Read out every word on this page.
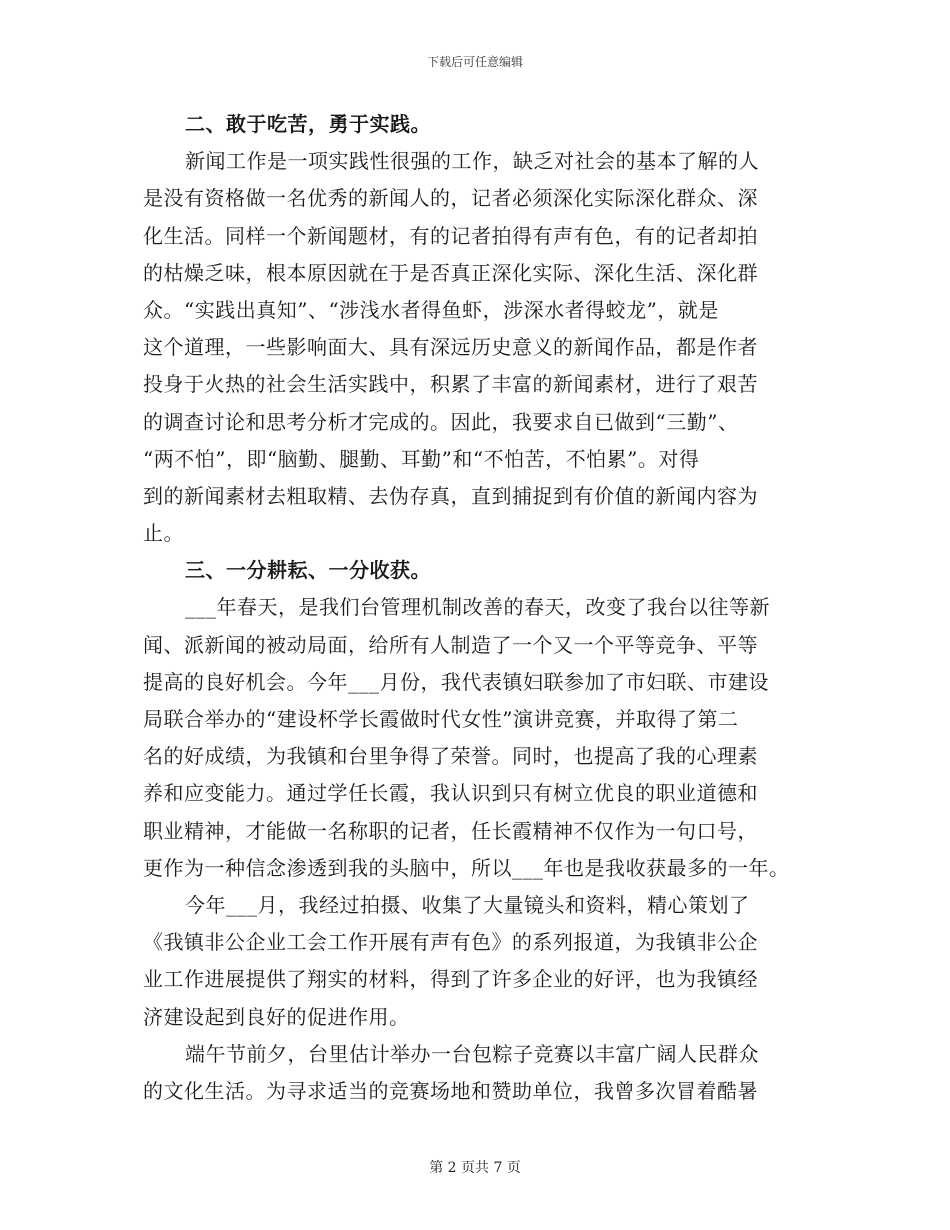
下载后可任意编辑
二、敢于吃苦，勇于实践。
新闻工作是一项实践性很强的工作，缺乏对社会的基本了解的人
是没有资格做一名优秀的新闻人的，记者必须深化实际深化群众、深
化生活。同样一个新闻题材，有的记者拍得有声有色，有的记者却拍
的枯燥乏味，根本原因就在于是否真正深化实际、深化生活、深化群
众。“实践出真知”、“涉浅水者得鱼虾，涉深水者得蛟龙”，就是
这个道理，一些影响面大、具有深远历史意义的新闻作品，都是作者
投身于火热的社会生活实践中，积累了丰富的新闻素材，进行了艰苦
的调查讨论和思考分析才完成的。因此，我要求自已做到“三勤”、
“两不怕”，即“脑勤、腿勤、耳勤”和“不怕苦，不怕累”。对得
到的新闻素材去粗取精、去伪存真，直到捕捉到有价值的新闻内容为
止。
三、一分耕耘、一分收获。
___年春天，是我们台管理机制改善的春天，改变了我台以往等新
闻、派新闻的被动局面，给所有人制造了一个又一个平等竞争、平等
提高的良好机会。今年___月份，我代表镇妇联参加了市妇联、市建设
局联合举办的“建设杯学长霞做时代女性”演讲竞赛，并取得了第二
名的好成绩，为我镇和台里争得了荣誉。同时，也提高了我的心理素
养和应变能力。通过学任长霞，我认识到只有树立优良的职业道德和
职业精神，才能做一名称职的记者，任长霞精神不仅作为一句口号，
更作为一种信念渗透到我的头脑中，所以___年也是我收获最多的一年。
今年___月，我经过拍摄、收集了大量镜头和资料，精心策划了
《我镇非公企业工会工作开展有声有色》的系列报道，为我镇非公企
业工作进展提供了翔实的材料，得到了许多企业的好评，也为我镇经
济建设起到良好的促进作用。
端午节前夕，台里估计举办一台包粽子竞赛以丰富广阔人民群众
的文化生活。为寻求适当的竞赛场地和赞助单位，我曾多次冒着酷暑
第 2 页共 7 页
